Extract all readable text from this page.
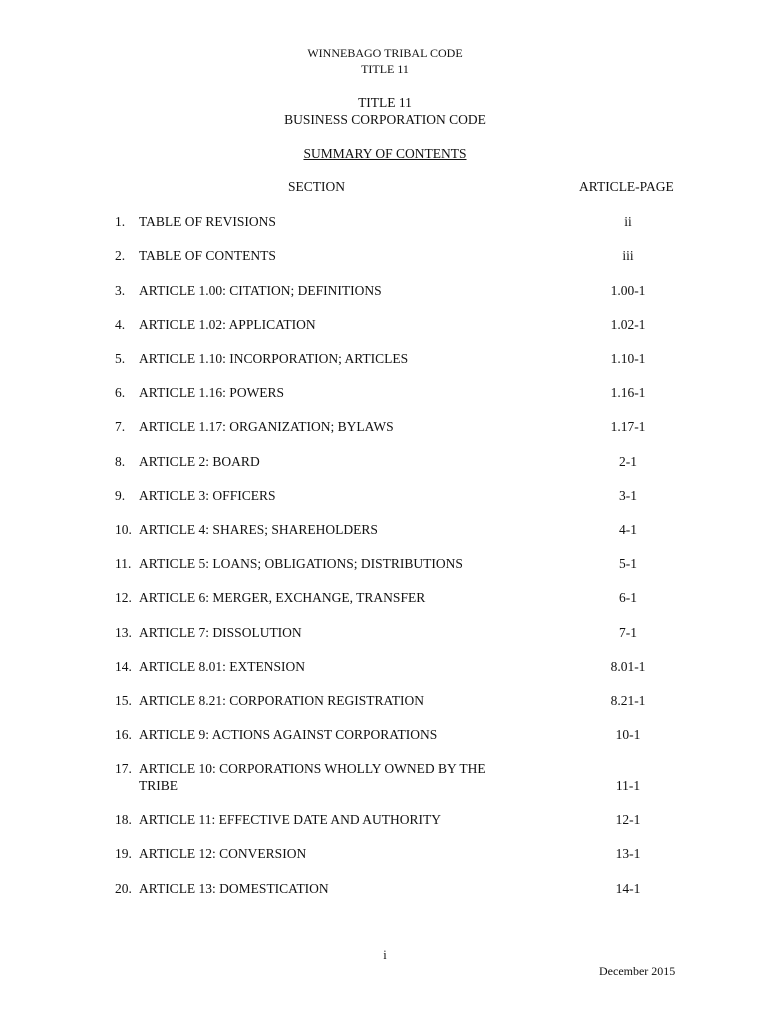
WINNEBAGO TRIBAL CODE
TITLE 11
TITLE 11
BUSINESS CORPORATION CODE
SUMMARY OF CONTENTS
SECTION	ARTICLE-PAGE
1.	TABLE OF REVISIONS	ii
2.	TABLE OF CONTENTS	iii
3.	ARTICLE 1.00: CITATION; DEFINITIONS	1.00-1
4.	ARTICLE 1.02: APPLICATION	1.02-1
5.	ARTICLE 1.10: INCORPORATION; ARTICLES	1.10-1
6.	ARTICLE 1.16: POWERS	1.16-1
7.	ARTICLE 1.17: ORGANIZATION; BYLAWS	1.17-1
8.	ARTICLE 2: BOARD	2-1
9.	ARTICLE 3: OFFICERS	3-1
10. ARTICLE 4: SHARES; SHAREHOLDERS	4-1
11. ARTICLE 5: LOANS; OBLIGATIONS; DISTRIBUTIONS	5-1
12. ARTICLE 6: MERGER, EXCHANGE, TRANSFER	6-1
13. ARTICLE 7: DISSOLUTION	7-1
14. ARTICLE 8.01: EXTENSION	8.01-1
15. ARTICLE 8.21: CORPORATION REGISTRATION	8.21-1
16. ARTICLE 9: ACTIONS AGAINST CORPORATIONS	10-1
17. ARTICLE 10: CORPORATIONS WHOLLY OWNED BY THE
TRIBE	11-1
18. ARTICLE 11: EFFECTIVE DATE AND AUTHORITY	12-1
19. ARTICLE 12: CONVERSION	13-1
20. ARTICLE 13: DOMESTICATION	14-1
i
December 2015
